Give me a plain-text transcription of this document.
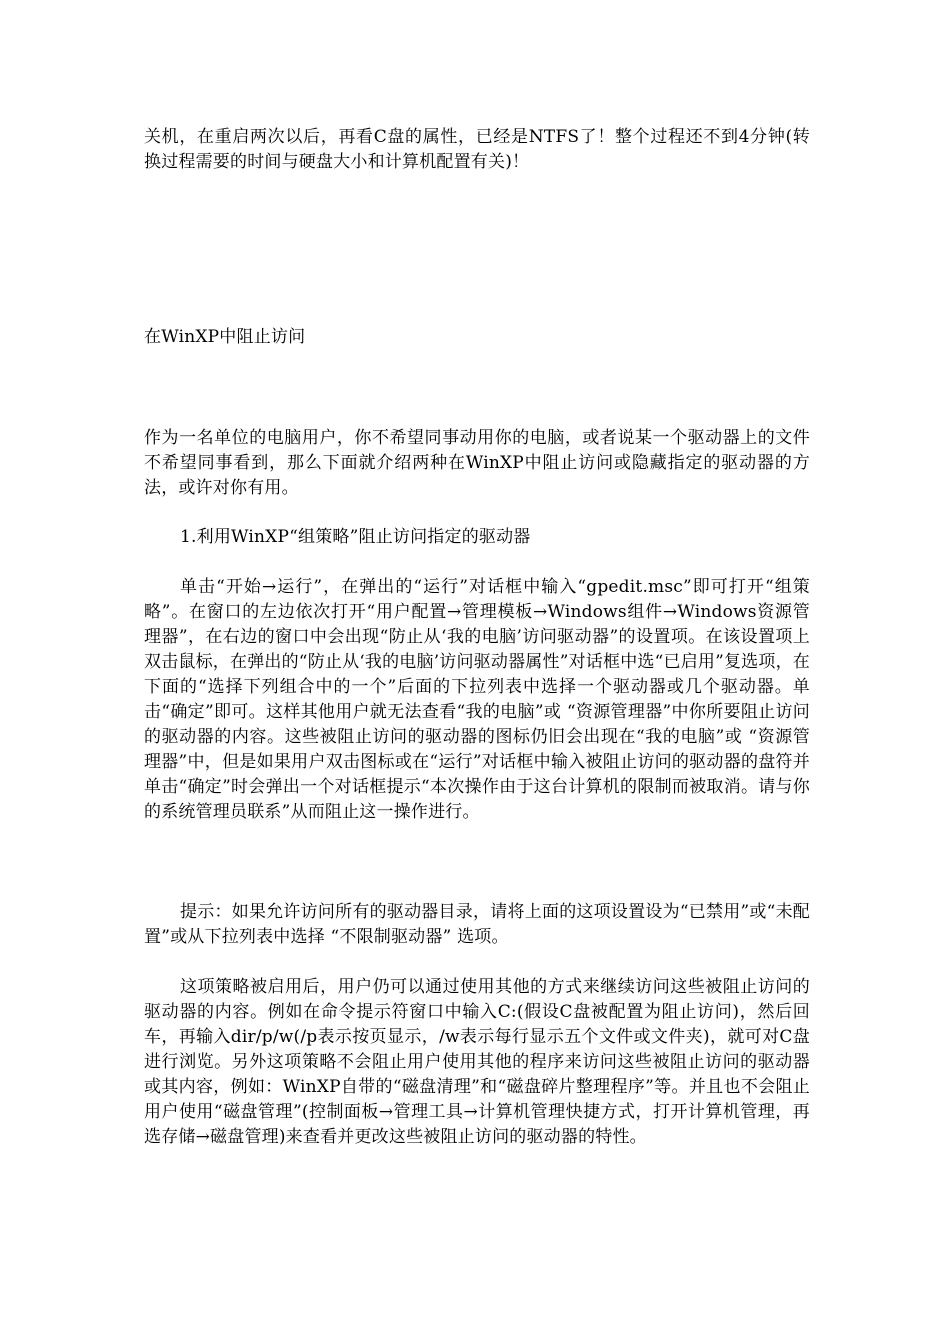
关机，在重启两次以后，再看C盘的属性，已经是NTFS了！整个过程还不到4分钟(转换过程需要的时间与硬盘大小和计算机配置有关)！

在WinXP中阻止访问

作为一名单位的电脑用户，你不希望同事动用你的电脑，或者说某一个驱动器上的文件不希望同事看到，那么下面就介绍两种在WinXP中阻止访问或隐藏指定的驱动器的方法，或许对你有用。

1.利用WinXP“组策略”阻止访问指定的驱动器

单击“开始→运行”，在弹出的“运行”对话框中输入“gpedit.msc”即可打开“组策略”。在窗口的左边依次打开“用户配置→管理模板→Windows组件→Windows资源管理器”，在右边的窗口中会出现“防止从‘我的电脑’访问驱动器”的设置项。在该设置项上双击鼠标，在弹出的“防止从‘我的电脑’访问驱动器属性”对话框中选“已启用”复选项，在下面的“选择下列组合中的一个”后面的下拉列表中选择一个驱动器或几个驱动器。单击“确定”即可。这样其他用户就无法查看“我的电脑”或 “资源管理器”中你所要阻止访问的驱动器的内容。这些被阻止访问的驱动器的图标仍旧会出现在“我的电脑”或 “资源管理器”中，但是如果用户双击图标或在“运行”对话框中输入被阻止访问的驱动器的盘符并单击“确定”时会弹出一个对话框提示“本次操作由于这台计算机的限制而被取消。请与你的系统管理员联系”从而阻止这一操作进行。

提示：如果允许访问所有的驱动器目录，请将上面的这项设置设为“已禁用”或“未配置”或从下拉列表中选择 “不限制驱动器” 选项。

这项策略被启用后，用户仍可以通过使用其他的方式来继续访问这些被阻止访问的驱动器的内容。例如在命令提示符窗口中输入C:(假设C盘被配置为阻止访问)，然后回车，再输入dir/p/w(/p表示按页显示，/w表示每行显示五个文件或文件夹)，就可对C盘进行浏览。另外这项策略不会阻止用户使用其他的程序来访问这些被阻止访问的驱动器或其内容，例如：WinXP自带的“磁盘清理”和“磁盘碎片整理程序”等。并且也不会阻止用户使用“磁盘管理”(控制面板→管理工具→计算机管理快捷方式，打开计算机管理，再选存储→磁盘管理)来查看并更改这些被阻止访问的驱动器的特性。
